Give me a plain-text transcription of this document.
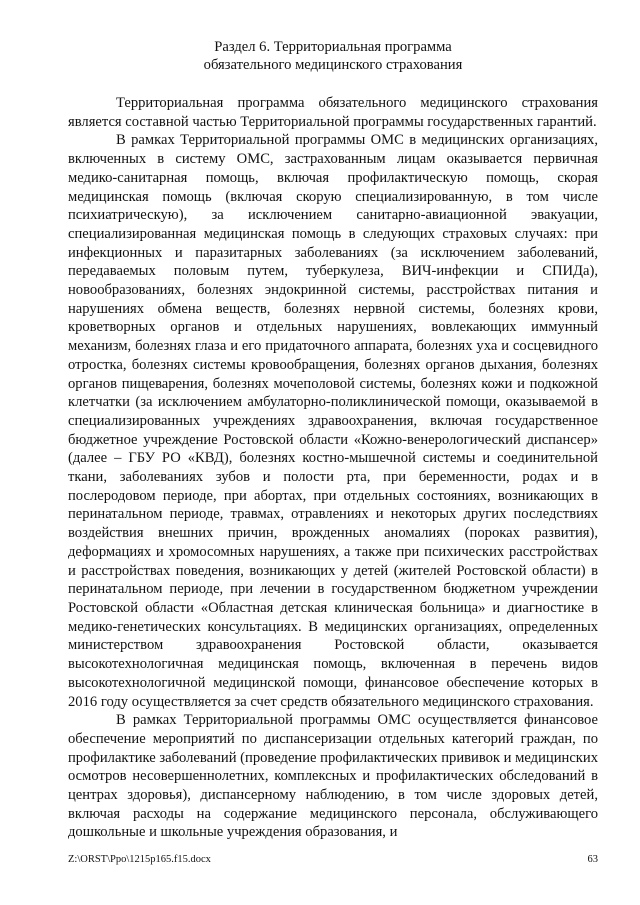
Раздел 6. Территориальная программа
обязательного медицинского страхования

Территориальная программа обязательного медицинского страхования является составной частью Территориальной программы государственных гарантий.

В рамках Территориальной программы ОМС в медицинских организациях, включенных в систему ОМС, застрахованным лицам оказывается первичная медико-санитарная помощь, включая профилактическую помощь, скорая медицинская помощь (включая скорую специализированную, в том числе психиатрическую), за исключением санитарно-авиационной эвакуации, специализированная медицинская помощь в следующих страховых случаях: при инфекционных и паразитарных заболеваниях (за исключением заболеваний, передаваемых половым путем, туберкулеза, ВИЧ-инфекции и СПИДа), новообразованиях, болезнях эндокринной системы, расстройствах питания и нарушениях обмена веществ, болезнях нервной системы, болезнях крови, кроветворных органов и отдельных нарушениях, вовлекающих иммунный механизм, болезнях глаза и его придаточного аппарата, болезнях уха и сосцевидного отростка, болезнях системы кровообращения, болезнях органов дыхания, болезнях органов пищеварения, болезнях мочеполовой системы, болезнях кожи и подкожной клетчатки (за исключением амбулаторно-поликлинической помощи, оказываемой в специализированных учреждениях здравоохранения, включая государственное бюджетное учреждение Ростовской области «Кожно-венерологический диспансер» (далее – ГБУ РО «КВД), болезнях костно-мышечной системы и соединительной ткани, заболеваниях зубов и полости рта, при беременности, родах и в послеродовом периоде, при абортах, при отдельных состояниях, возникающих в перинатальном периоде, травмах, отравлениях и некоторых других последствиях воздействия внешних причин, врожденных аномалиях (пороках развития), деформациях и хромосомных нарушениях, а также при психических расстройствах и расстройствах поведения, возникающих у детей (жителей Ростовской области) в перинатальном периоде, при лечении в государственном бюджетном учреждении Ростовской области «Областная детская клиническая больница» и диагностике в медико-генетических консультациях. В медицинских организациях, определенных министерством здравоохранения Ростовской области, оказывается высокотехнологичная медицинская помощь, включенная в перечень видов высокотехнологичной медицинской помощи, финансовое обеспечение которых в 2016 году осуществляется за счет средств обязательного медицинского страхования.

В рамках Территориальной программы ОМС осуществляется финансовое обеспечение мероприятий по диспансеризации отдельных категорий граждан, по профилактике заболеваний (проведение профилактических прививок и медицинских осмотров несовершеннолетних, комплексных и профилактических обследований в центрах здоровья), диспансерному наблюдению, в том числе здоровых детей, включая расходы на содержание медицинского персонала, обслуживающего дошкольные и школьные учреждения образования, и

Z:\ORST\Ppo\1215p165.f15.docx	63
